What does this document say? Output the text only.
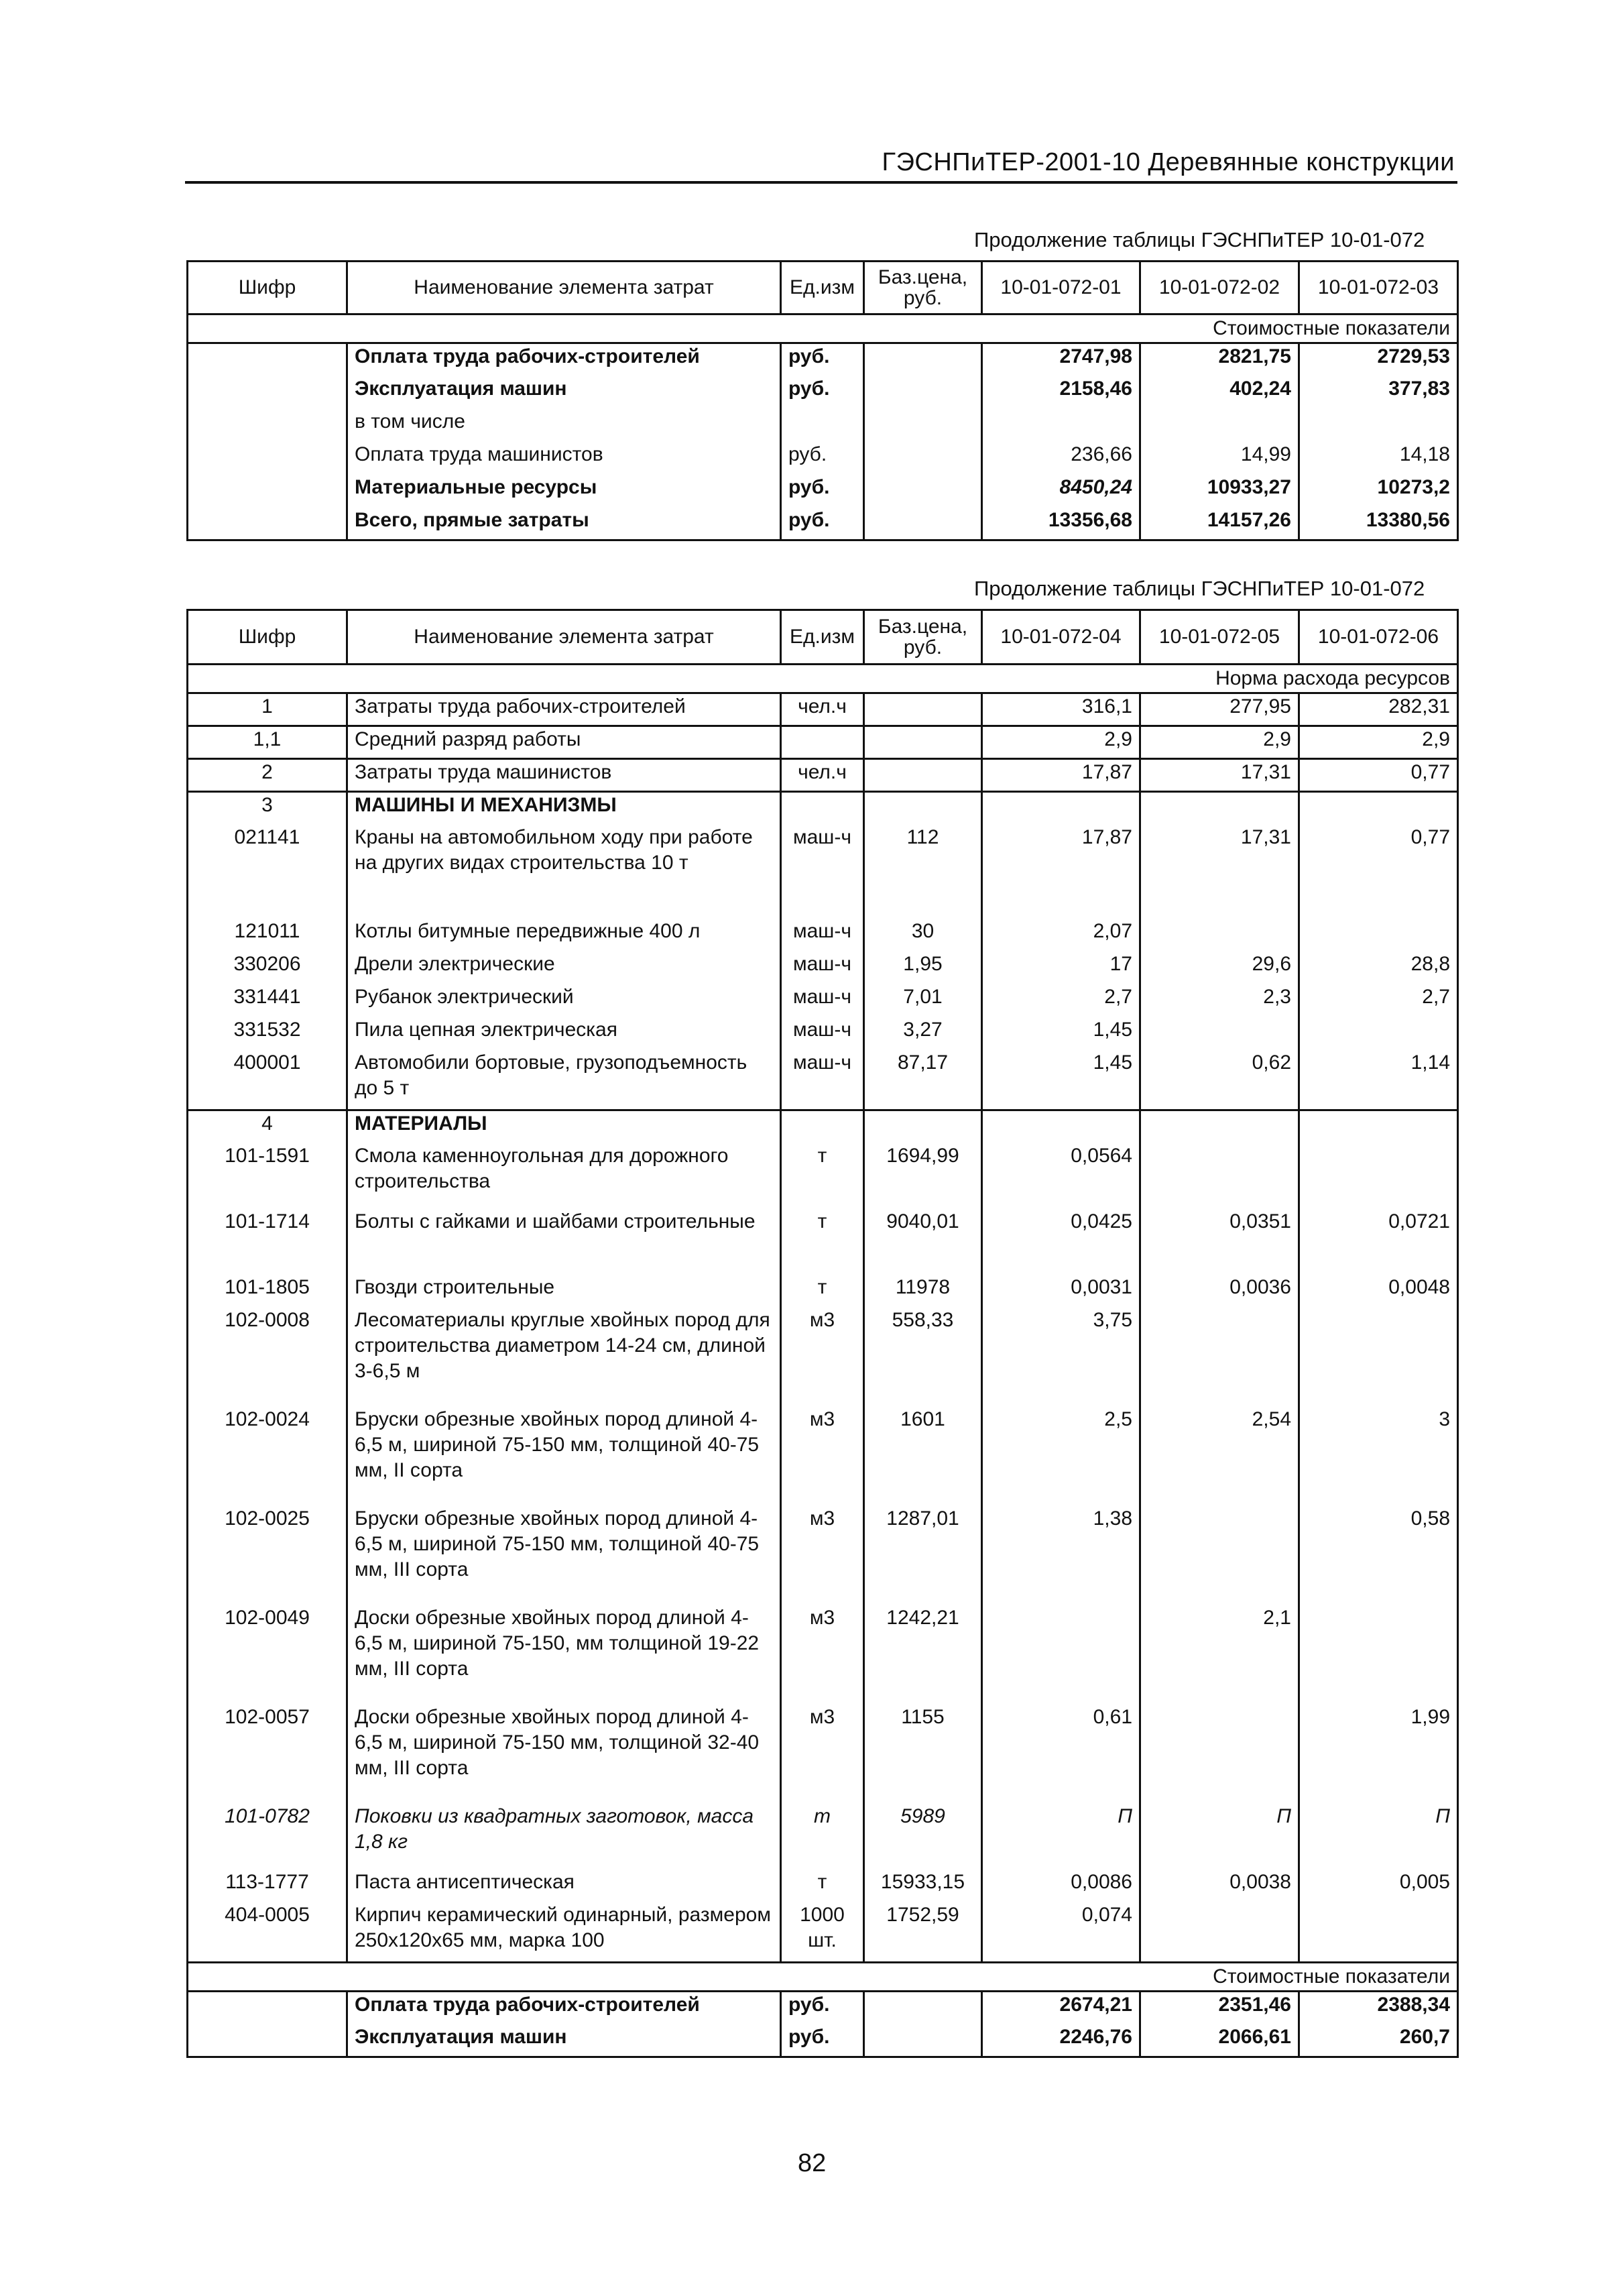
ГЭСНПиТЕР-2001-10 Деревянные конструкции
Продолжение таблицы ГЭСНПиТЕР 10-01-072
Шифр	Наименование элемента затрат	Ед.изм	Баз.цена, руб.	10-01-072-01	10-01-072-02	10-01-072-03
Стоимостные показатели						
	Оплата труда рабочих-строителей	руб.		2747,98	2821,75	2729,53
	Эксплуатация машин	руб.		2158,46	402,24	377,83
	в том числе					
	Оплата труда машинистов	руб.		236,66	14,99	14,18
	Материальные ресурсы	руб.		8450,24	10933,27	10273,2
	Всего, прямые затраты	руб.		13356,68	14157,26	13380,56
Продолжение таблицы ГЭСНПиТЕР 10-01-072
Шифр	Наименование элемента затрат	Ед.изм	Баз.цена, руб.	10-01-072-04	10-01-072-05	10-01-072-06
Норма расхода ресурсов						
1	Затраты труда рабочих-строителей	чел.ч		316,1	277,95	282,31
1,1	Средний разряд работы			2,9	2,9	2,9
2	Затраты труда машинистов	чел.ч		17,87	17,31	0,77
3	МАШИНЫ И МЕХАНИЗМЫ					
021141	Краны на автомобильном ходу при работе на других видах строительства 10 т	маш-ч	112	17,87	17,31	0,77
121011	Котлы битумные передвижные 400 л	маш-ч	30	2,07		
330206	Дрели электрические	маш-ч	1,95	17	29,6	28,8
331441	Рубанок электрический	маш-ч	7,01	2,7	2,3	2,7
331532	Пила цепная электрическая	маш-ч	3,27	1,45		
400001	Автомобили бортовые, грузоподъемность до 5 т	маш-ч	87,17	1,45	0,62	1,14
4	МАТЕРИАЛЫ					
101-1591	Смола каменноугольная для дорожного строительства	т	1694,99	0,0564		
101-1714	Болты с гайками и шайбами строительные	т	9040,01	0,0425	0,0351	0,0721
101-1805	Гвозди строительные	т	11978	0,0031	0,0036	0,0048
102-0008	Лесоматериалы круглые хвойных пород для строительства диаметром 14-24 см, длиной 3-6,5 м	м3	558,33	3,75		
102-0024	Бруски обрезные хвойных пород длиной 4-6,5 м, шириной 75-150 мм, толщиной 40-75 мм, II сорта	м3	1601	2,5	2,54	3
102-0025	Бруски обрезные хвойных пород длиной 4-6,5 м, шириной 75-150 мм, толщиной 40-75 мм, III сорта	м3	1287,01	1,38		0,58
102-0049	Доски обрезные хвойных пород длиной 4-6,5 м, шириной 75-150, мм толщиной 19-22 мм, III сорта	м3	1242,21		2,1	
102-0057	Доски обрезные хвойных пород длиной 4-6,5 м, шириной 75-150 мм, толщиной 32-40 мм, III сорта	м3	1155	0,61		1,99
101-0782	Поковки из квадратных заготовок, масса 1,8 кг	т	5989	П	П	П
113-1777	Паста антисептическая	т	15933,15	0,0086	0,0038	0,005
404-0005	Кирпич керамический одинарный, размером 250х120х65 мм, марка 100	1000 шт.	1752,59	0,074		
Стоимостные показатели						
	Оплата труда рабочих-строителей	руб.		2674,21	2351,46	2388,34
	Эксплуатация машин	руб.		2246,76	2066,61	260,7
82
